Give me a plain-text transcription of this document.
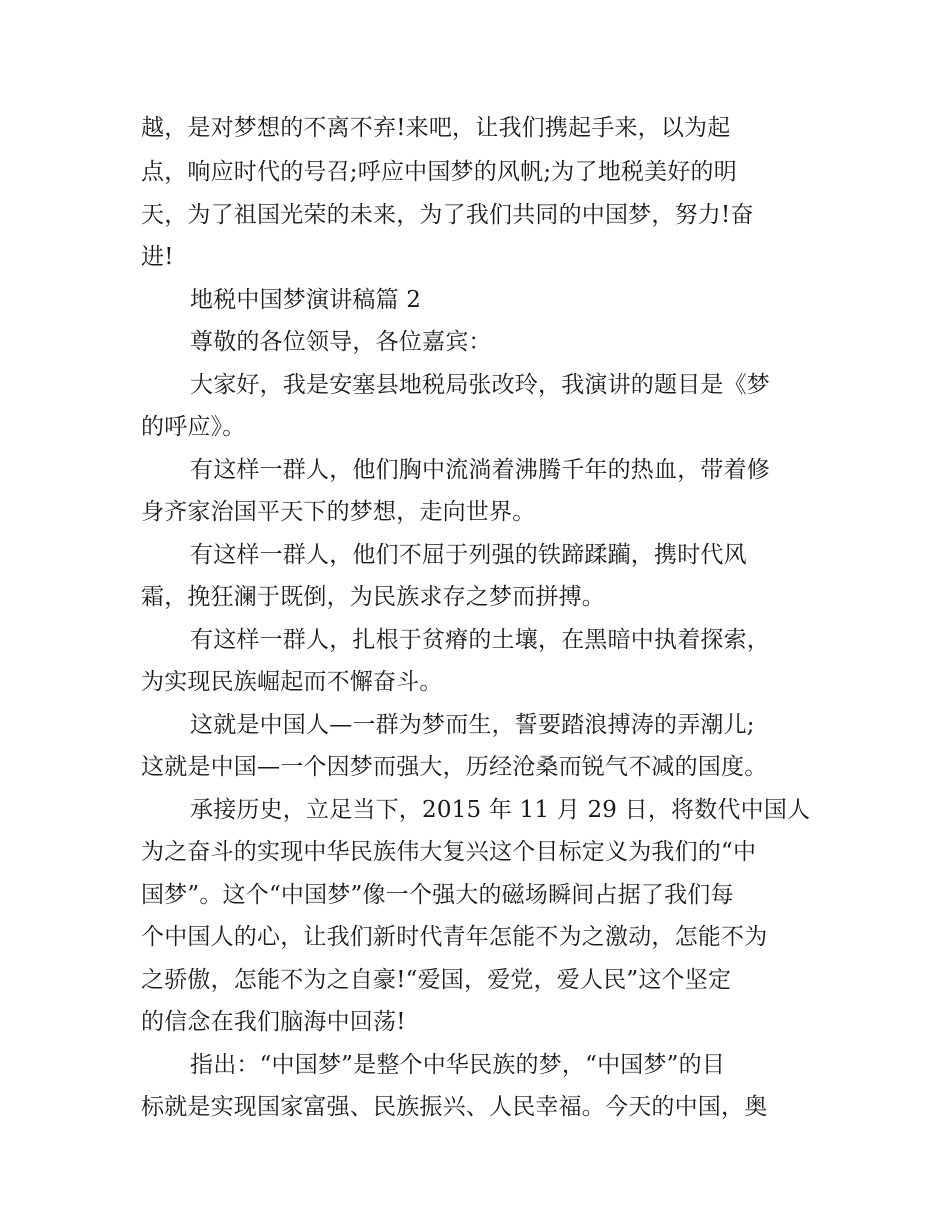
越，是对梦想的不离不弃!来吧，让我们携起手来，以为起
点，响应时代的号召;呼应中国梦的风帆;为了地税美好的明
天，为了祖国光荣的未来，为了我们共同的中国梦，努力!奋
进!
地税中国梦演讲稿篇 2
尊敬的各位领导，各位嘉宾：
大家好，我是安塞县地税局张改玲，我演讲的题目是《梦
的呼应》。
有这样一群人，他们胸中流淌着沸腾千年的热血，带着修
身齐家治国平天下的梦想，走向世界。
有这样一群人，他们不屈于列强的铁蹄蹂躏，携时代风
霜，挽狂澜于既倒，为民族求存之梦而拼搏。
有这样一群人，扎根于贫瘠的土壤，在黑暗中执着探索，
为实现民族崛起而不懈奋斗。
这就是中国人—一群为梦而生，誓要踏浪搏涛的弄潮儿;
这就是中国—一个因梦而强大，历经沧桑而锐气不减的国度。
承接历史，立足当下，2015 年 11 月 29 日，将数代中国人
为之奋斗的实现中华民族伟大复兴这个目标定义为我们的“中
国梦”。这个“中国梦”像一个强大的磁场瞬间占据了我们每
个中国人的心，让我们新时代青年怎能不为之激动，怎能不为
之骄傲，怎能不为之自豪!“爱国，爱党，爱人民”这个坚定
的信念在我们脑海中回荡!
指出：“中国梦”是整个中华民族的梦，“中国梦”的目
标就是实现国家富强、民族振兴、人民幸福。今天的中国，奥
